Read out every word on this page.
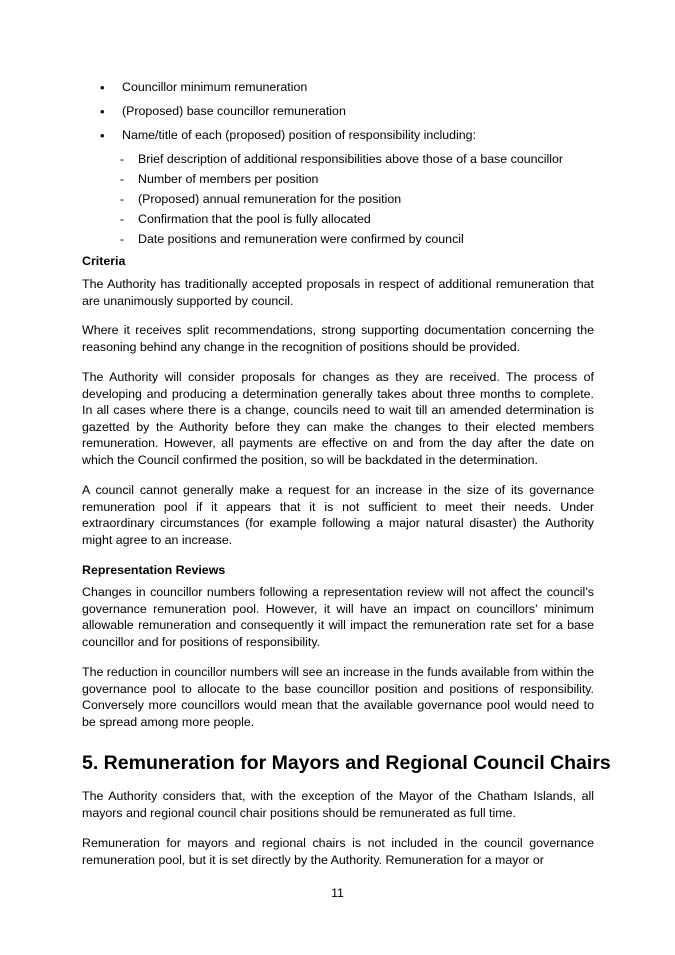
• Councillor minimum remuneration
• (Proposed) base councillor remuneration
• Name/title of each (proposed) position of responsibility including:
- Brief description of additional responsibilities above those of a base councillor
- Number of members per position
- (Proposed) annual remuneration for the position
- Confirmation that the pool is fully allocated
- Date positions and remuneration were confirmed by council
Criteria
The Authority has traditionally accepted proposals in respect of additional remuneration that are unanimously supported by council.
Where it receives split recommendations, strong supporting documentation concerning the reasoning behind any change in the recognition of positions should be provided.
The Authority will consider proposals for changes as they are received. The process of developing and producing a determination generally takes about three months to complete. In all cases where there is a change, councils need to wait till an amended determination is gazetted by the Authority before they can make the changes to their elected members remuneration. However, all payments are effective on and from the day after the date on which the Council confirmed the position, so will be backdated in the determination.
A council cannot generally make a request for an increase in the size of its governance remuneration pool if it appears that it is not sufficient to meet their needs. Under extraordinary circumstances (for example following a major natural disaster) the Authority might agree to an increase.
Representation Reviews
Changes in councillor numbers following a representation review will not affect the council’s governance remuneration pool. However, it will have an impact on councillors’ minimum allowable remuneration and consequently it will impact the remuneration rate set for a base councillor and for positions of responsibility.
The reduction in councillor numbers will see an increase in the funds available from within the governance pool to allocate to the base councillor position and positions of responsibility. Conversely more councillors would mean that the available governance pool would need to be spread among more people.
5. Remuneration for Mayors and Regional Council Chairs
The Authority considers that, with the exception of the Mayor of the Chatham Islands, all mayors and regional council chair positions should be remunerated as full time.
Remuneration for mayors and regional chairs is not included in the council governance remuneration pool, but it is set directly by the Authority. Remuneration for a mayor or
11
